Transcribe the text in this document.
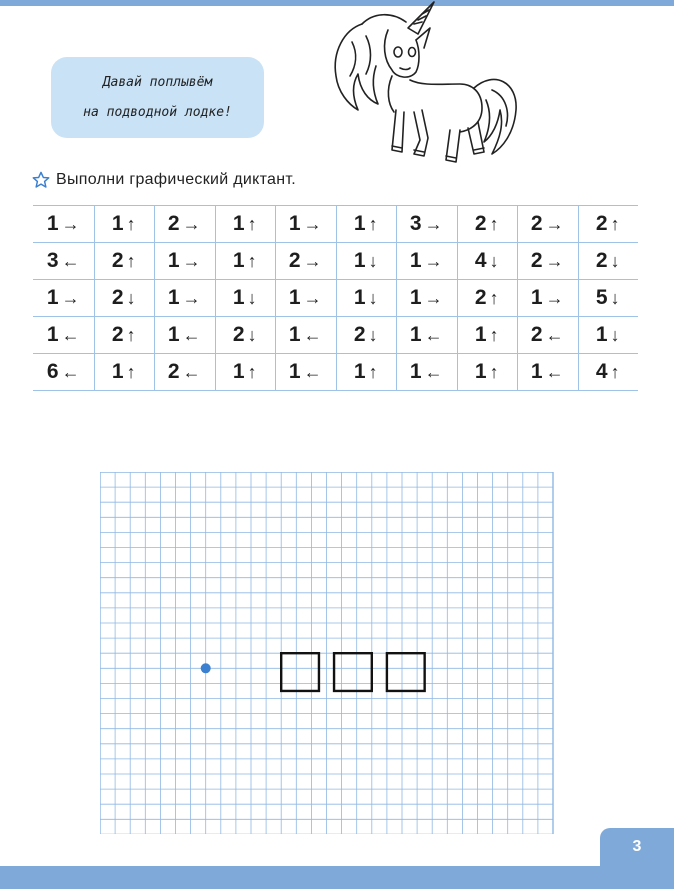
Давай поплывём
на подводной лодке!
Выполни графический диктант.
1 → 1 ↑ 2 → 1 ↑ 1 → 1 ↑ 3 → 2 ↑ 2 → 2 ↑
3 ← 2 ↑ 1 → 1 ↑ 2 → 1 ↓ 1 → 4 ↓ 2 → 2 ↓
1 → 2 ↓ 1 → 1 ↓ 1 → 1 ↓ 1 → 2 ↑ 1 → 5 ↓
1 ← 2 ↑ 1 ← 2 ↓ 1 ← 2 ↓ 1 ← 1 ↑ 2 ← 1 ↓
6 ← 1 ↑ 2 ← 1 ↑ 1 ← 1 ↑ 1 ← 1 ↑ 1 ← 4 ↑
3
